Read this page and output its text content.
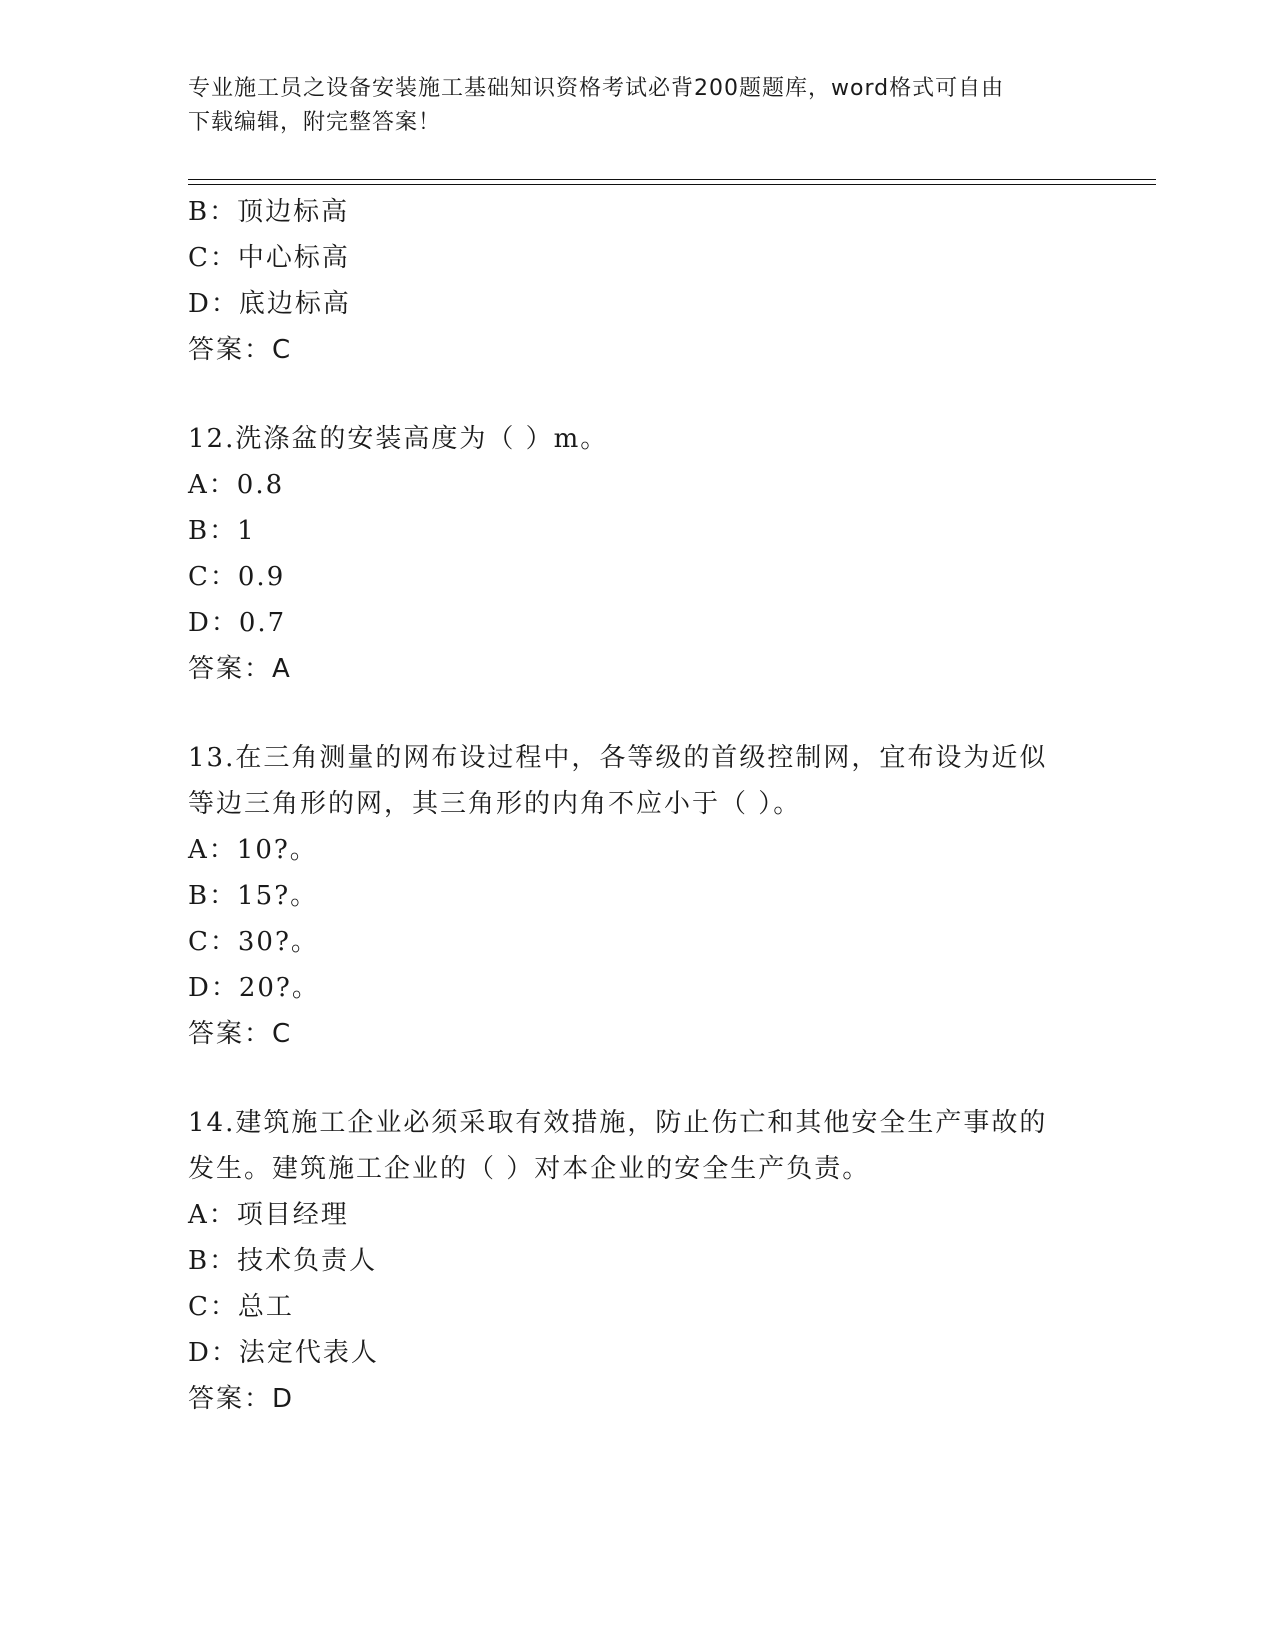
专业施工员之设备安装施工基础知识资格考试必背200题题库，word格式可自由
下载编辑，附完整答案！
B：顶边标高
C：中心标高
D：底边标高
答案：C
12.洗涤盆的安装高度为（ ）m。
A：0.8
B：1
C：0.9
D：0.7
答案：A
13.在三角测量的网布设过程中，各等级的首级控制网，宜布设为近似
等边三角形的网，其三角形的内角不应小于（ ）。
A：10?。
B：15?。
C：30?。
D：20?。
答案：C
14.建筑施工企业必须采取有效措施，防止伤亡和其他安全生产事故的
发生。建筑施工企业的（ ）对本企业的安全生产负责。
A：项目经理
B：技术负责人
C：总工
D：法定代表人
答案：D
